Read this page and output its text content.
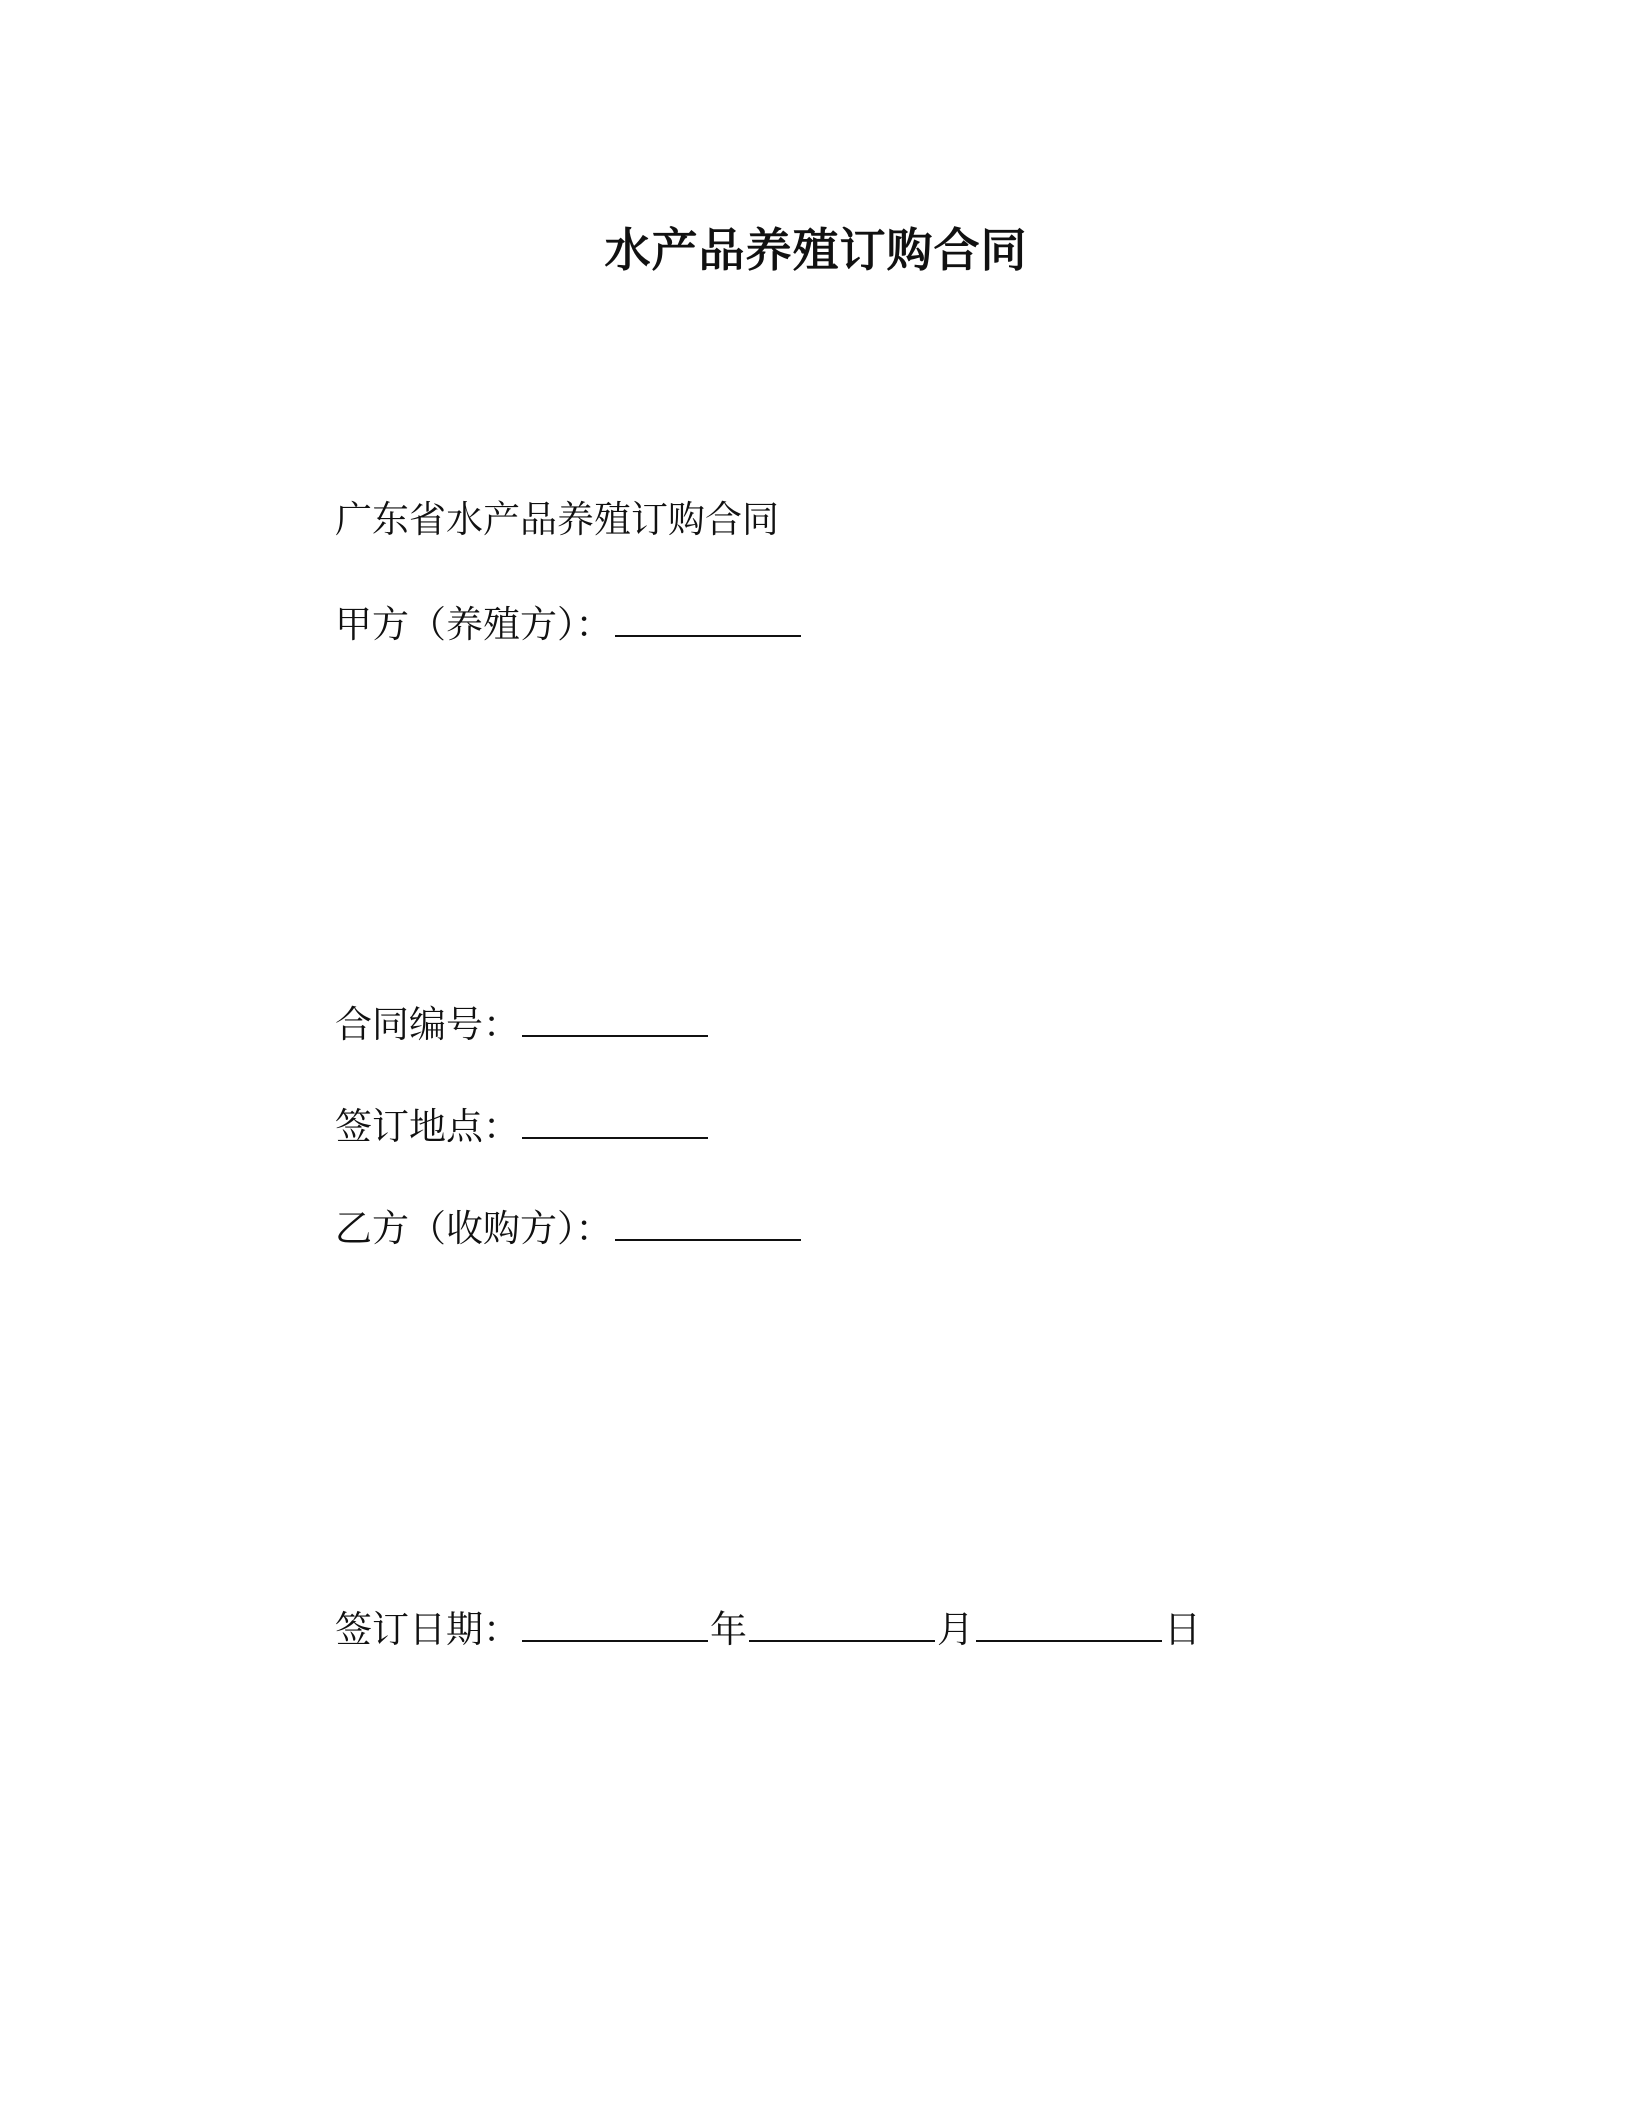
水产品养殖订购合同
广东省水产品养殖订购合同
甲方（养殖方）：
合同编号：
签订地点：
乙方（收购方）：
签订日期：	年	月	日
